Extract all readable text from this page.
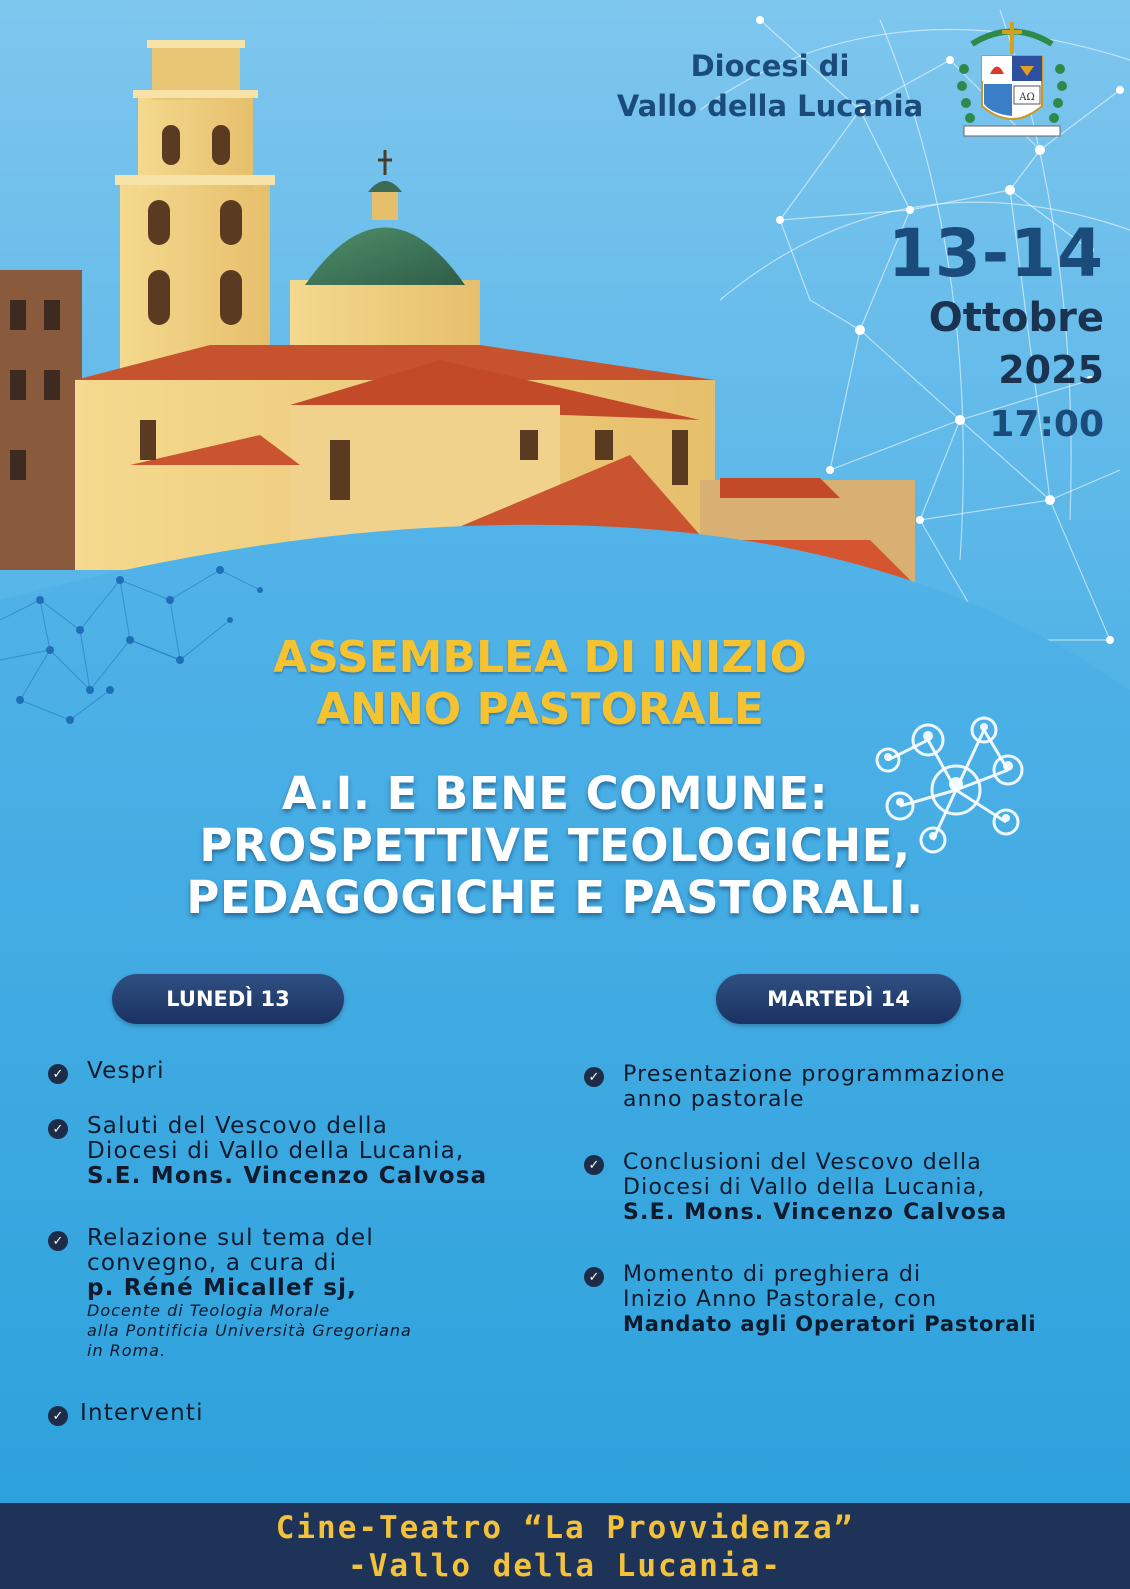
ΑΩ
Diocesi di
Vallo della Lucania
13-14
Ottobre
2025
17:00
ASSEMBLEA DI INIZIO
ANNO PASTORALE
A.I. E BENE COMUNE:
PROSPETTIVE TEOLOGICHE,
PEDAGOGICHE E PASTORALI.
LUNEDÌ 13	MARTEDÌ 14
✓ Vespri
✓ Saluti del Vescovo della
Diocesi di Vallo della Lucania,
S.E. Mons. Vincenzo Calvosa
✓ Relazione sul tema del
convegno, a cura di
p. Réné Micallef sj,
Docente di Teologia Morale
alla Pontificia Università Gregoriana
in Roma.
✓ Interventi
✓ Presentazione programmazione
anno pastorale
✓ Conclusioni del Vescovo della
Diocesi di Vallo della Lucania,
S.E. Mons. Vincenzo Calvosa
✓ Momento di preghiera di
Inizio Anno Pastorale, con
Mandato agli Operatori Pastorali
Cine-Teatro “La Provvidenza”
-Vallo della Lucania-
